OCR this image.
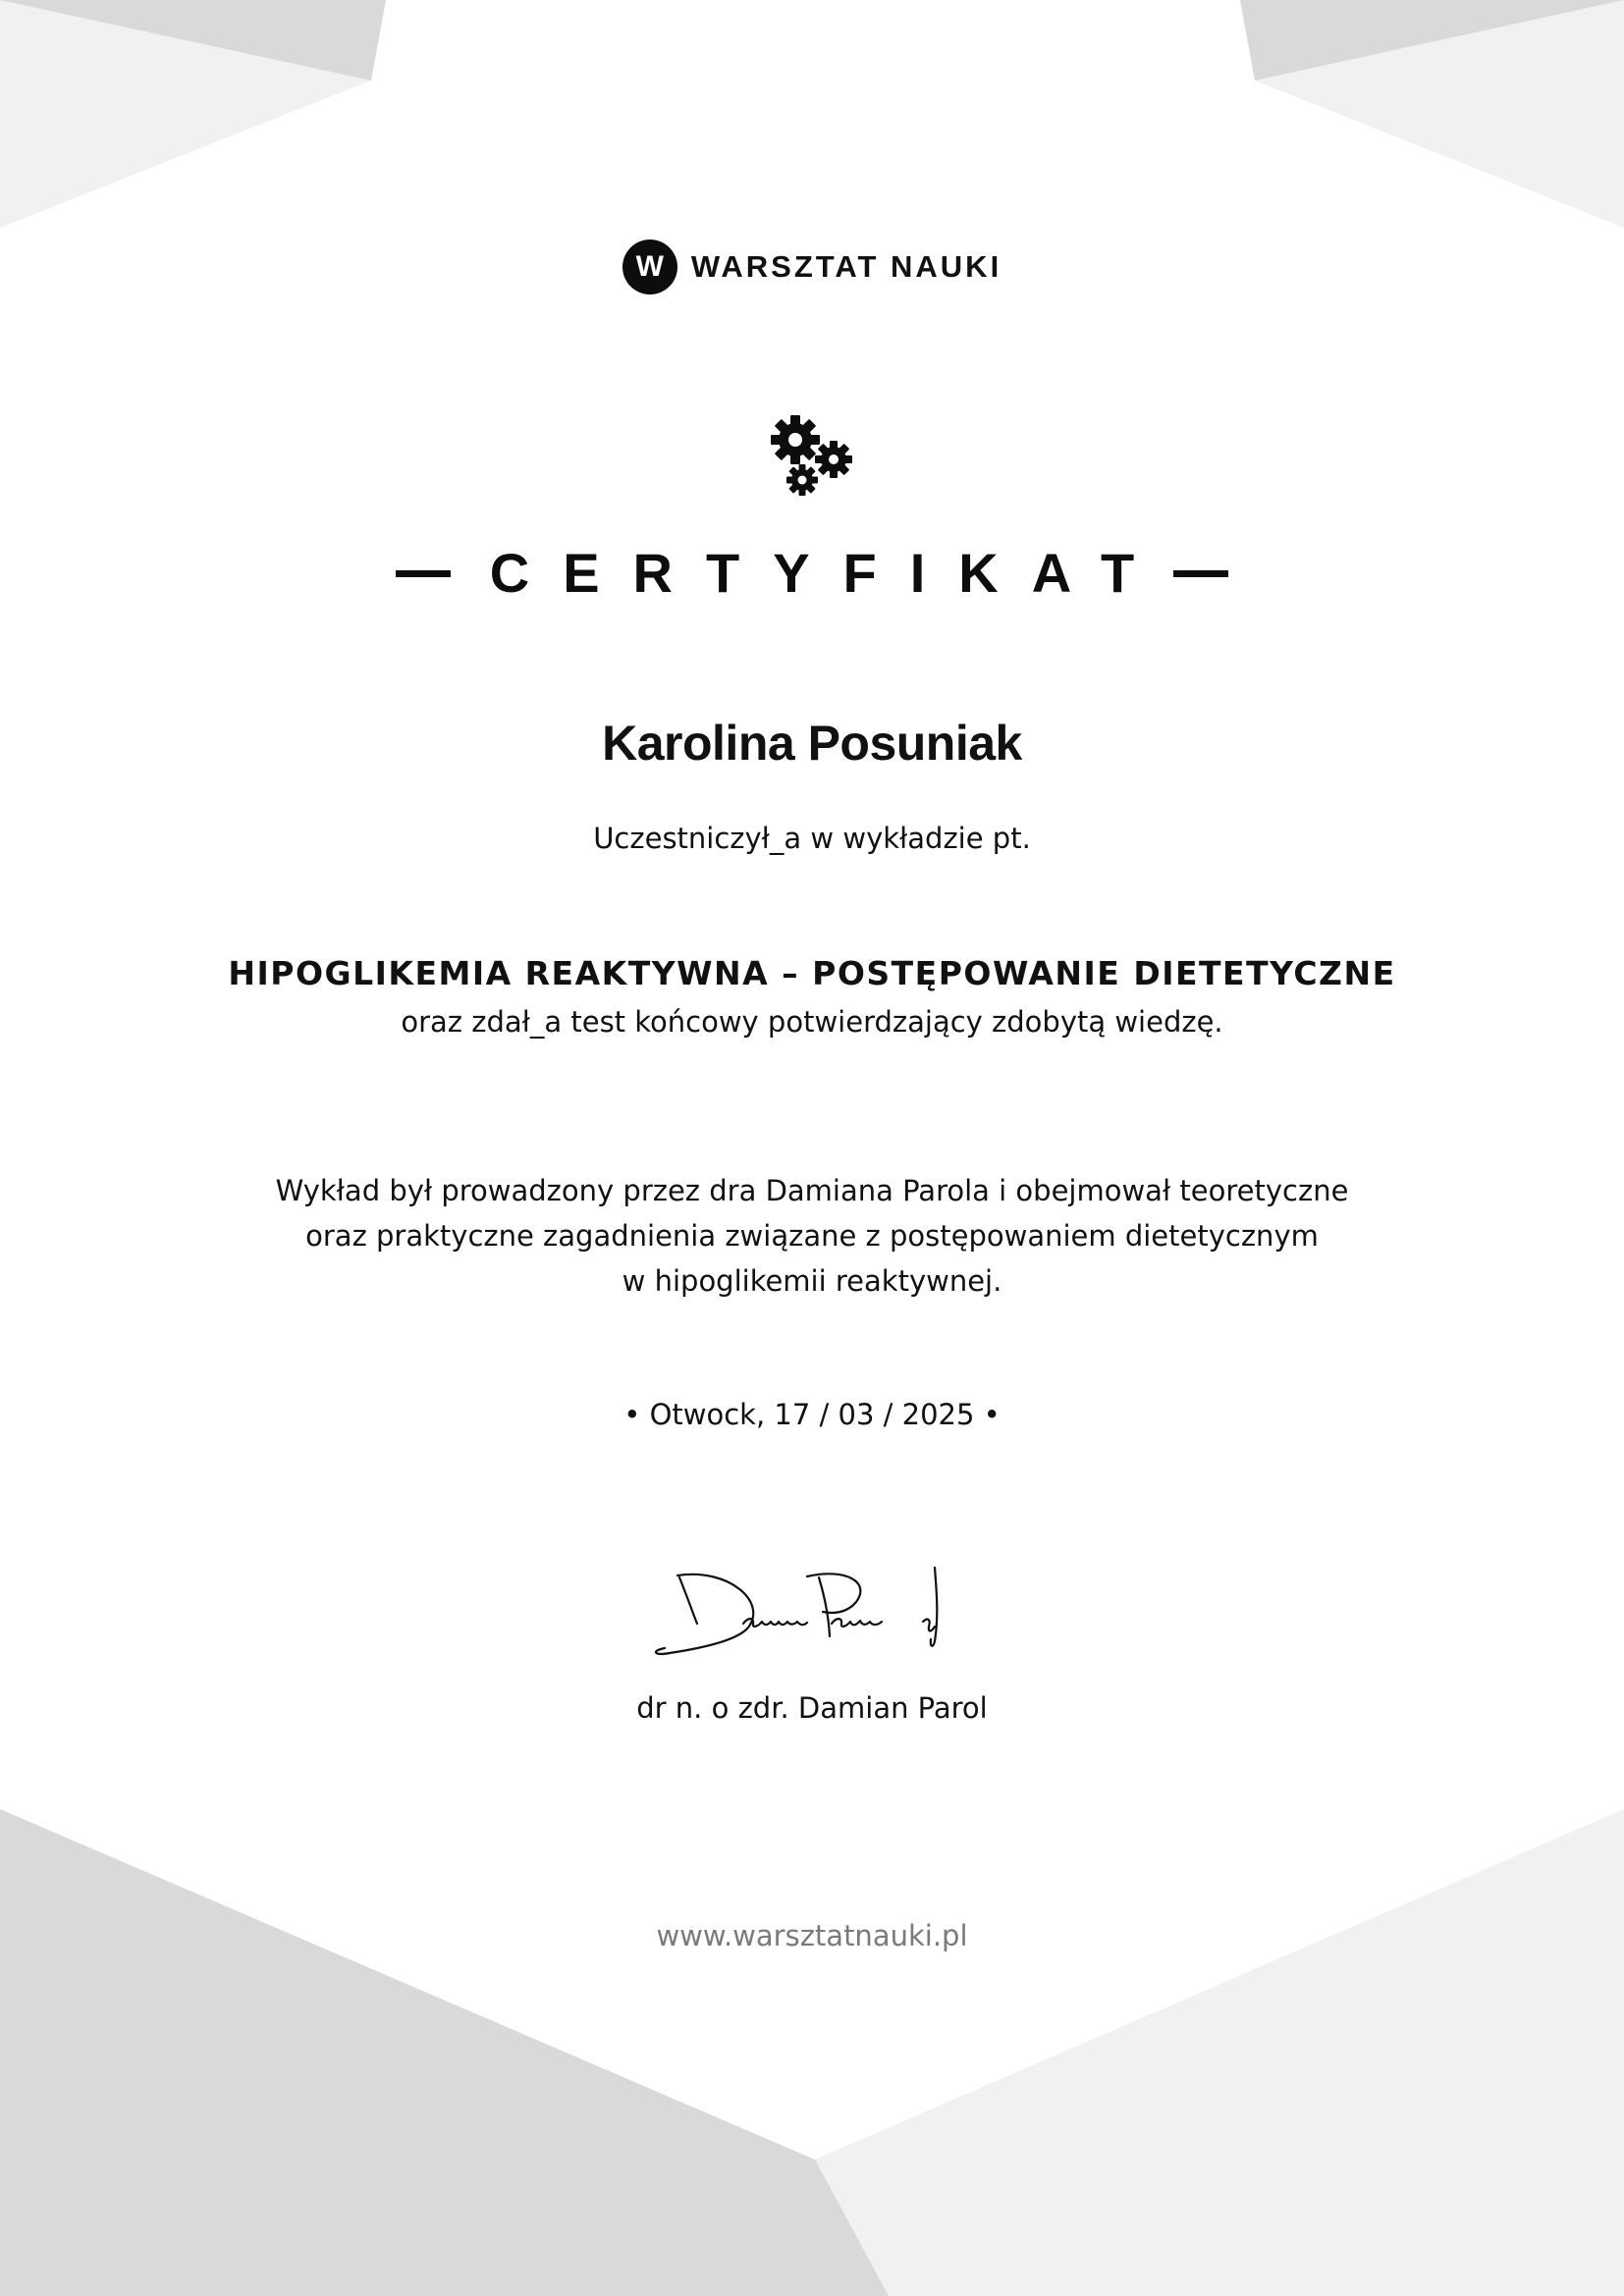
W WARSZTAT NAUKI
CERTYFIKAT
Karolina Posuniak
Uczestniczył_a w wykładzie pt.
HIPOGLIKEMIA REAKTYWNA – POSTĘPOWANIE DIETETYCZNE
oraz zdał_a test końcowy potwierdzający zdobytą wiedzę.
Wykład był prowadzony przez dra Damiana Parola i obejmował teoretyczne
oraz praktyczne zagadnienia związane z postępowaniem dietetycznym
w hipoglikemii reaktywnej.
• Otwock, 17 / 03 / 2025 •
dr n. o zdr. Damian Parol
www.warsztatnauki.pl
